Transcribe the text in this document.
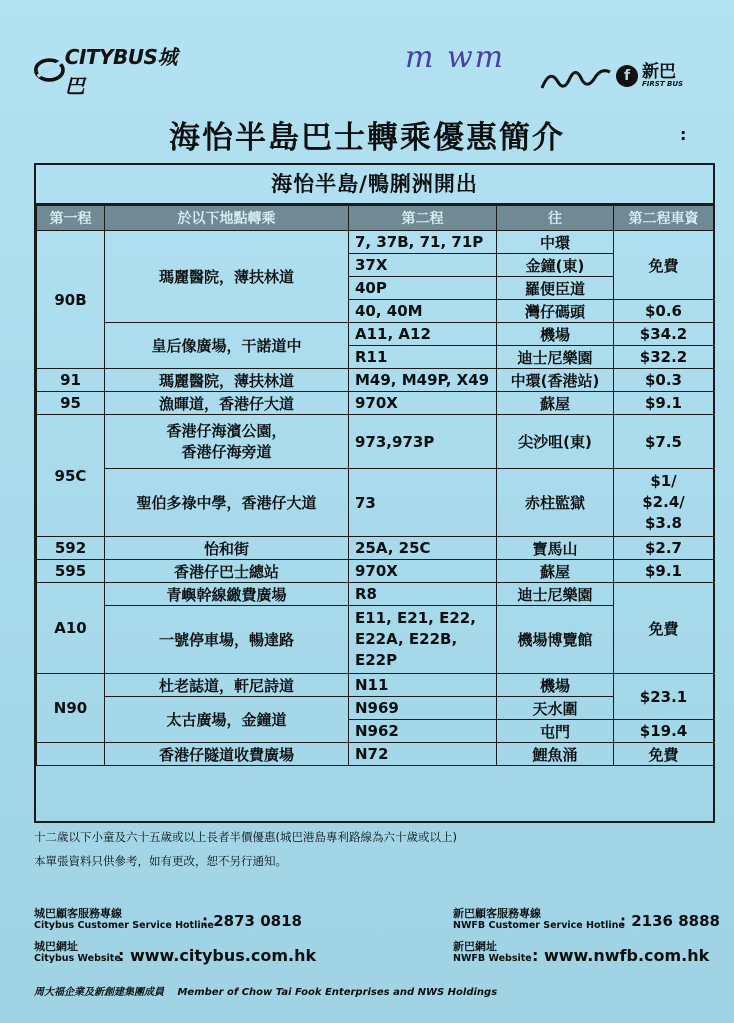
CITYBUS城巴
m wm
f 新巴
FIRST BUS
海怡半島巴士轉乘優惠簡介	:
海怡半島/鴨脷洲開出
第一程	於以下地點轉乘	第二程	往	第二程車資
90B	瑪麗醫院，薄扶林道	7, 37B, 71, 71P	中環	免費
		37X	金鐘(東)	
		40P	羅便臣道	
		40, 40M	灣仔碼頭	$0.6
	皇后像廣場，干諾道中	A11, A12	機場	$34.2
		R11	迪士尼樂園	$32.2
91	瑪麗醫院，薄扶林道	M49, M49P, X49	中環(香港站)	$0.3
95	漁暉道，香港仔大道	970X	蘇屋	$9.1
95C	香港仔海濱公園，
香港仔海旁道	973,973P	尖沙咀(東)	$7.5
	聖伯多祿中學，香港仔大道	73	赤柱監獄	$1/
$2.4/
$3.8

592	怡和街	25A, 25C	寶馬山	$2.7
595	香港仔巴士總站	970X	蘇屋	$9.1
A10	青嶼幹線繳費廣場	R8	迪士尼樂園	免費
	一號停車場，暢達路	E11, E21, E22,
E22A, E22B,
E22P	機場博覽館	
N90	杜老誌道，軒尼詩道	N11	機場	$23.1
	太古廣場，金鐘道	N969	天水圍	
		N962	屯門	$19.4
	香港仔隧道收費廣場	N72	鯉魚涌	免費
十二歲以下小童及六十五歲或以上長者半價優惠(城巴港島專利路線為六十歲或以上)
本單張資料只供參考，如有更改，恕不另行通知。
城巴顧客服務專線
Citybus Customer Service Hotline
: 2873 0818
城巴網址
Citybus Website
: www.citybus.com.hk
新巴顧客服務專線
NWFB Customer Service Hotline
: 2136 8888
新巴網址
NWFB Website : www.nwfb.com.hk
周大福企業及新創建集團成員 Member of Chow Tai Fook Enterprises and NWS Holdings
